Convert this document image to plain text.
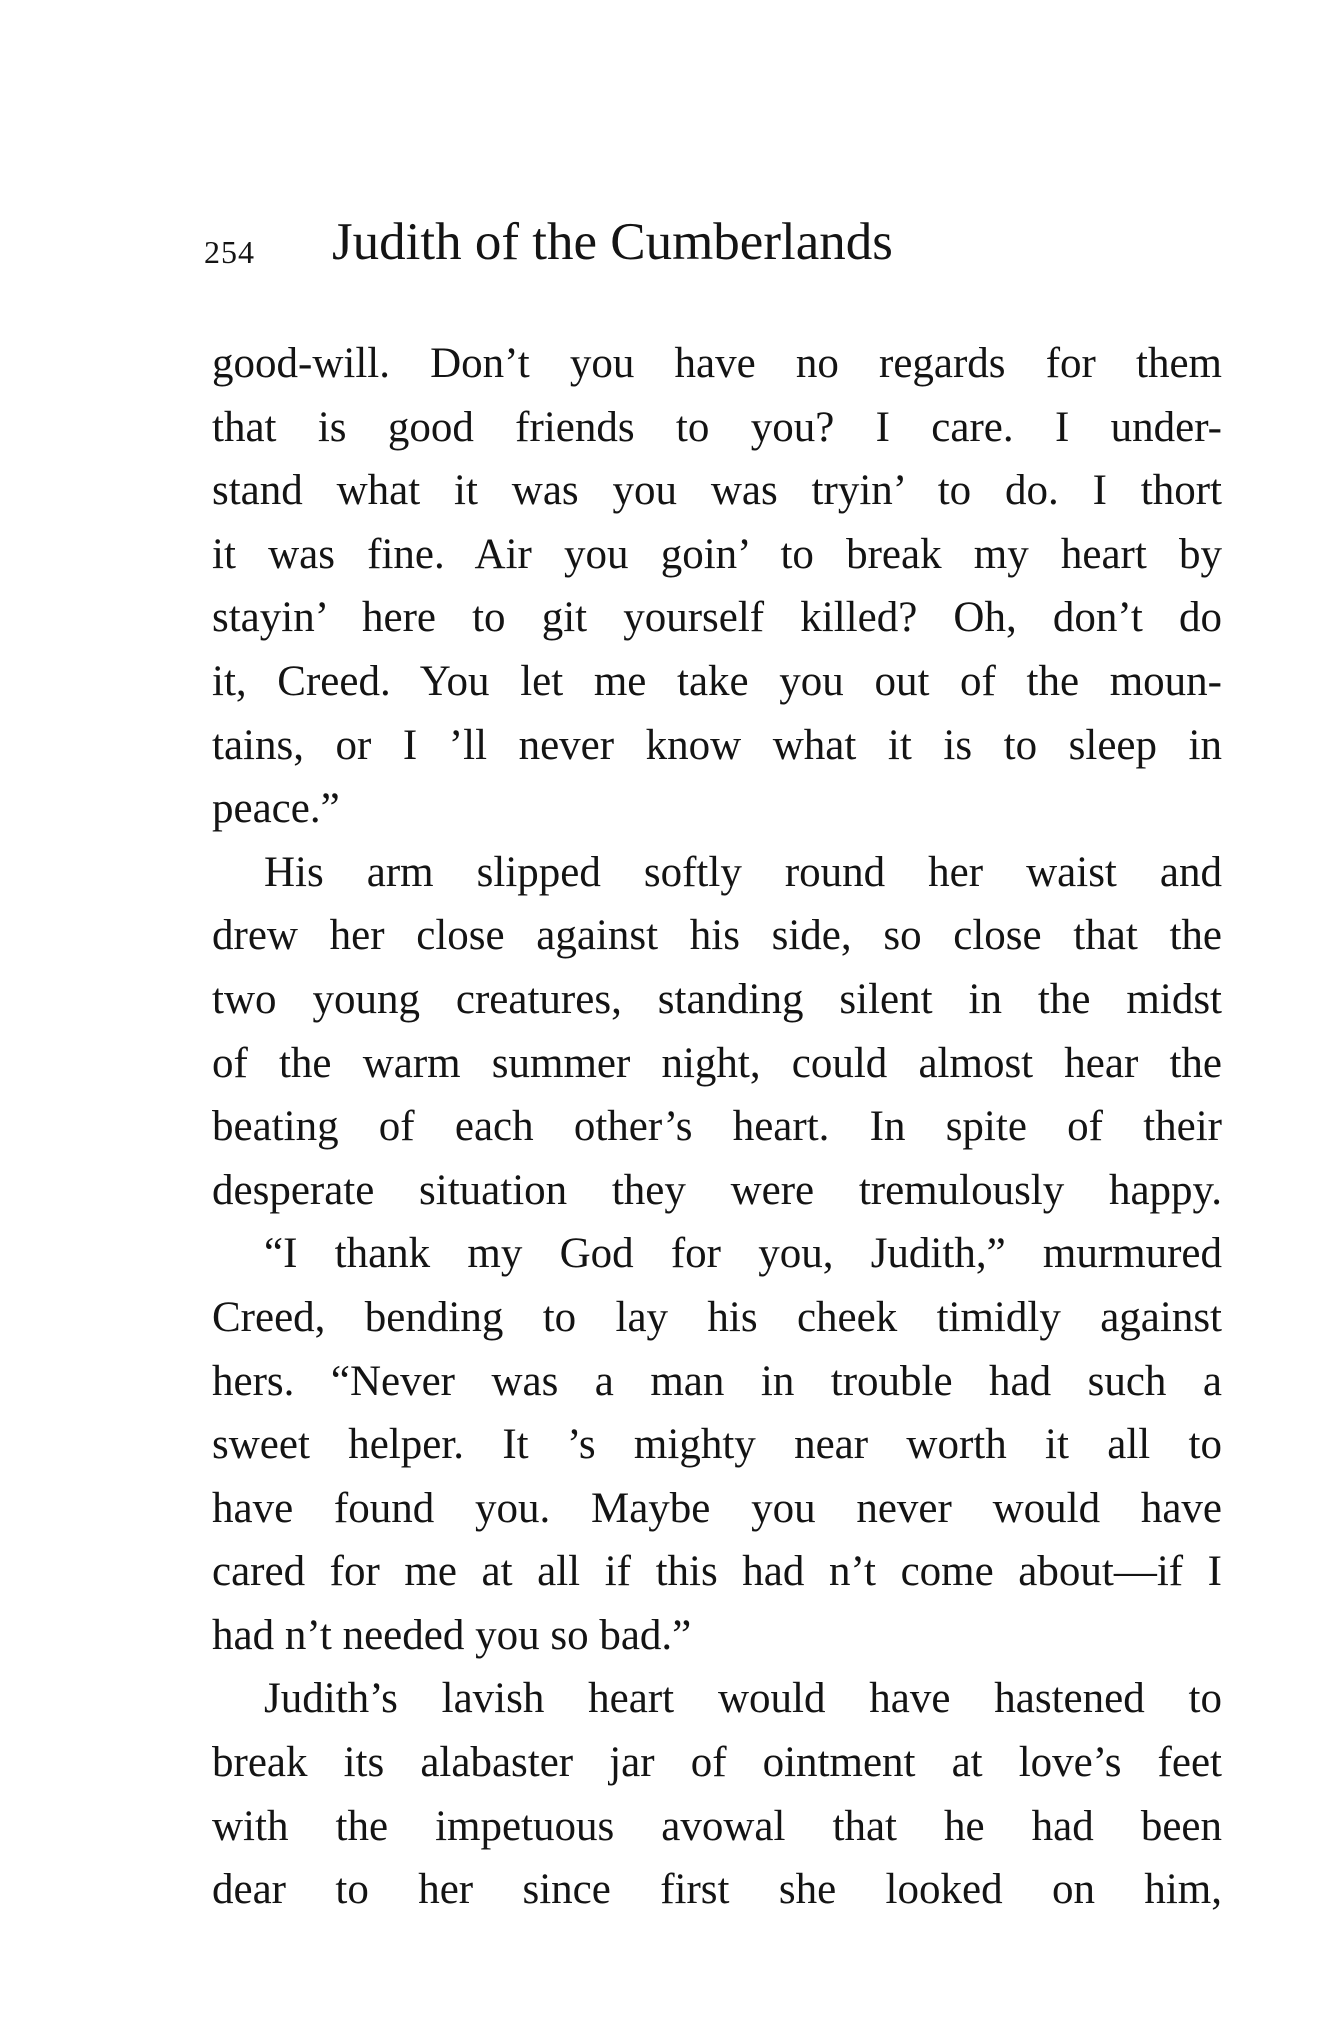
254 Judith of the Cumberlands
good-will. Don’t you have no regards for them
that is good friends to you? I care. I under-
stand what it was you was tryin’ to do. I thort
it was fine. Air you goin’ to break my heart by
stayin’ here to git yourself killed? Oh, don’t do
it, Creed. You let me take you out of the moun-
tains, or I ’ll never know what it is to sleep in
peace.”
His arm slipped softly round her waist and
drew her close against his side, so close that the
two young creatures, standing silent in the midst
of the warm summer night, could almost hear the
beating of each other’s heart. In spite of their
desperate situation they were tremulously happy.
“I thank my God for you, Judith,” murmured
Creed, bending to lay his cheek timidly against
hers. “Never was a man in trouble had such a
sweet helper. It ’s mighty near worth it all to
have found you. Maybe you never would have
cared for me at all if this had n’t come about—if I
had n’t needed you so bad.”
Judith’s lavish heart would have hastened to
break its alabaster jar of ointment at love’s feet
with the impetuous avowal that he had been
dear to her since first she looked on him,
